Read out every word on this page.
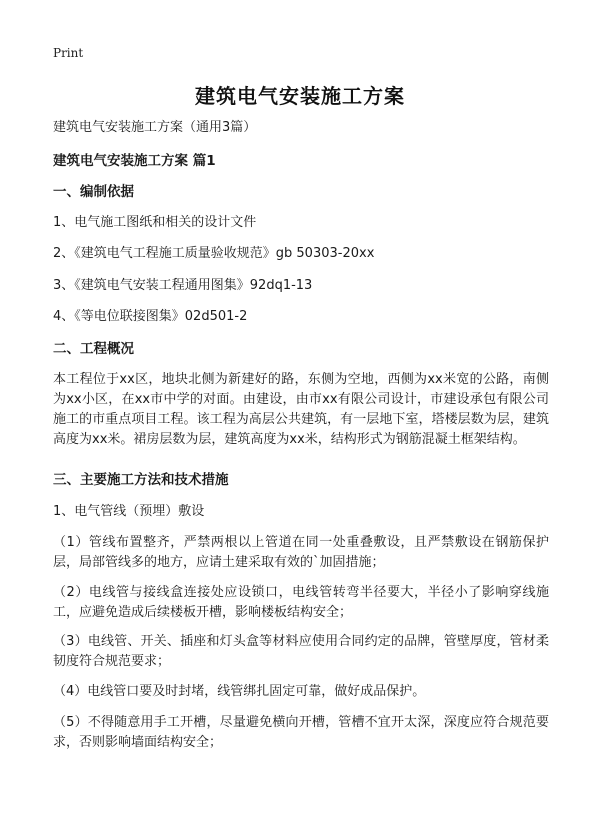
Print
建筑电气安装施工方案
建筑电气安装施工方案（通用3篇）
建筑电气安装施工方案 篇1
一、编制依据
1、电气施工图纸和相关的设计文件
2、《建筑电气工程施工质量验收规范》gb 50303-20xx
3、《建筑电气安装工程通用图集》92dq1-13
4、《等电位联接图集》02d501-2
二、工程概况
本工程位于xx区，地块北侧为新建好的路，东侧为空地，西侧为xx米宽的公路，南侧为xx小区，在xx市中学的对面。由建设，由市xx有限公司设计，市建设承包有限公司施工的市重点项目工程。该工程为高层公共建筑，有一层地下室，塔楼层数为层，建筑高度为xx米。裙房层数为层，建筑高度为xx米，结构形式为钢筋混凝土框架结构。
三、主要施工方法和技术措施
1、电气管线（预埋）敷设
（1）管线布置整齐，严禁两根以上管道在同一处重叠敷设，且严禁敷设在钢筋保护层，局部管线多的地方，应请土建采取有效的`加固措施；
（2）电线管与接线盒连接处应设锁口，电线管转弯半径要大，半径小了影响穿线施工，应避免造成后续楼板开槽，影响楼板结构安全；
（3）电线管、开关、插座和灯头盒等材料应使用合同约定的品牌，管壁厚度，管材柔韧度符合规范要求；
（4）电线管口要及时封堵，线管绑扎固定可靠，做好成品保护。
（5）不得随意用手工开槽，尽量避免横向开槽，管槽不宜开太深，深度应符合规范要求，否则影响墙面结构安全；
